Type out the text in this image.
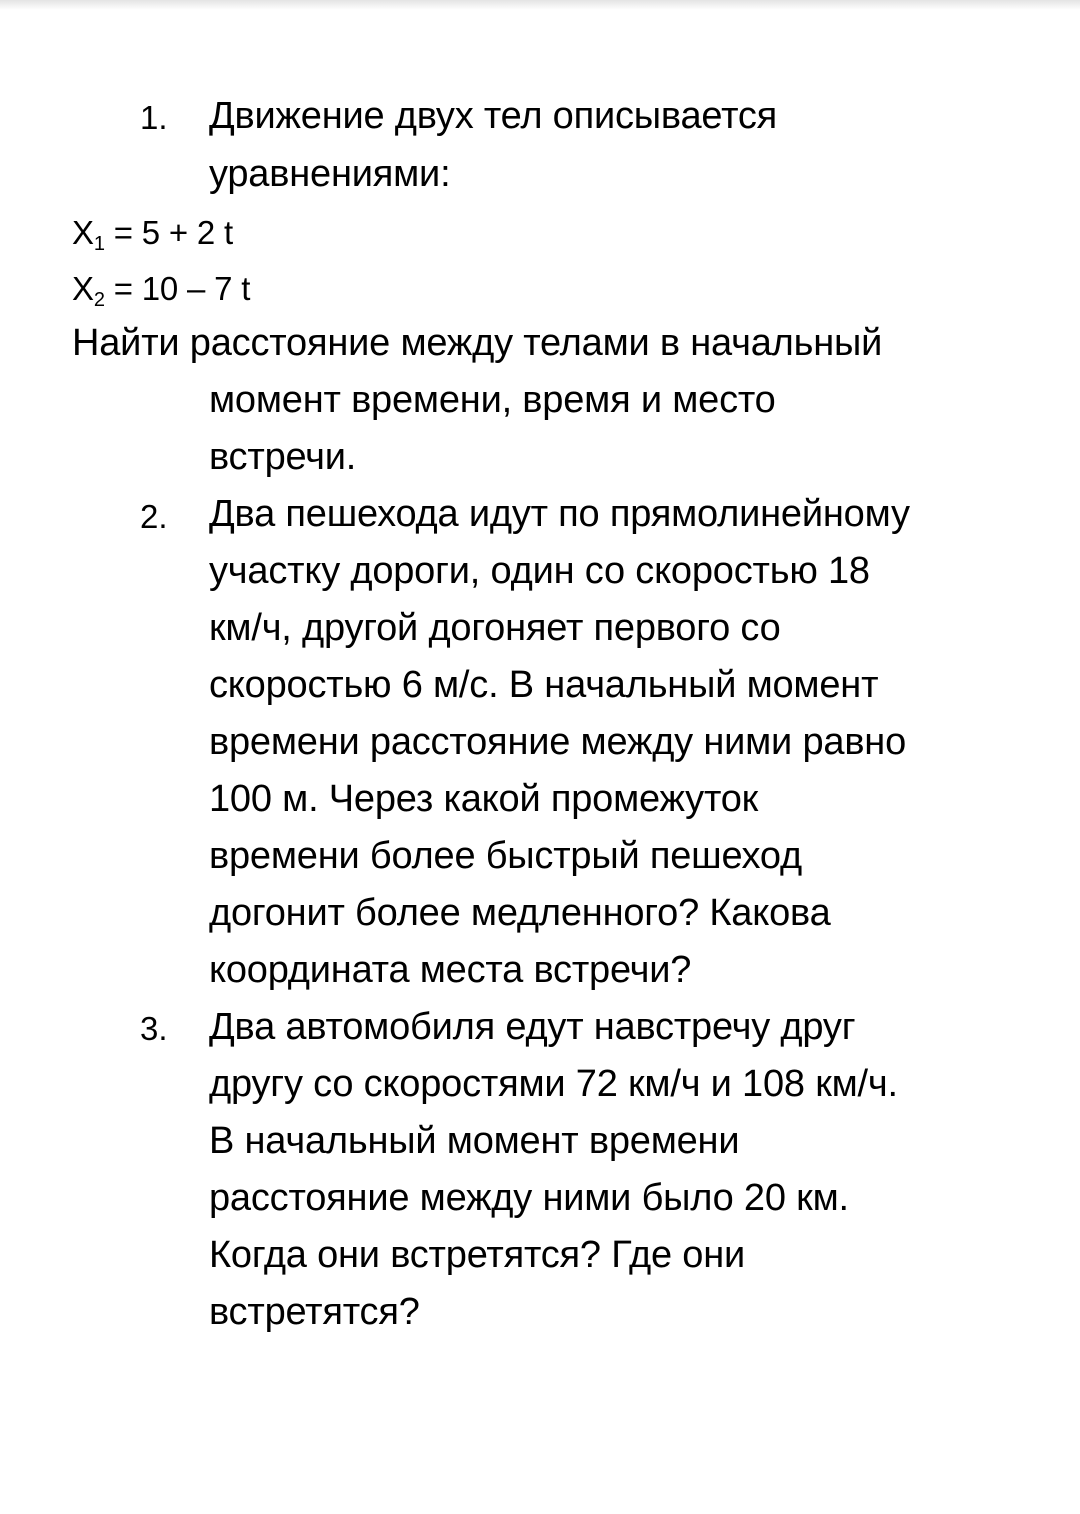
1. Движение двух тел описывается
уравнениями:
$X_1 = 5 + 2$ t
$X_2 = 10 - 7$ t
Найти расстояние между телами в начальный
момент времени, время и место
встречи.
2. Два пешехода идут по прямолинейному
участку дороги, один со скоростью 18
км/ч, другой догоняет первого со
скоростью 6 м/с. В начальный момент
времени расстояние между ними равно
100 м. Через какой промежуток
времени более быстрый пешеход
догонит более медленного? Какова
координата места встречи?
3. Два автомобиля едут навстречу друг
другу со скоростями 72 км/ч и 108 км/ч.
В начальный момент времени
расстояние между ними было 20 км.
Когда они встретятся? Где они
встретятся?
